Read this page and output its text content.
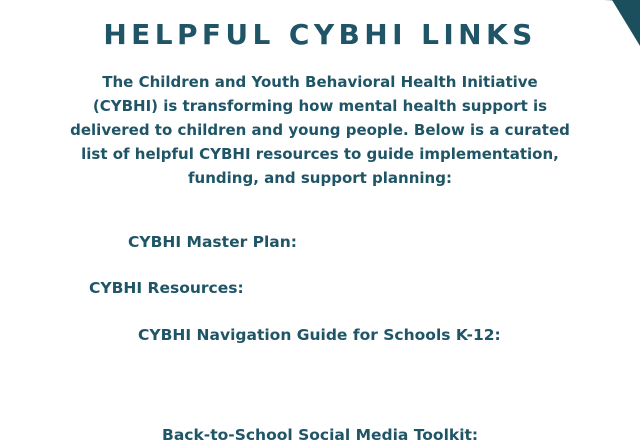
HELPFUL CYBHI LINKS

The Children and Youth Behavioral Health Initiative (CYBHI) is transforming how mental health support is delivered to children and young people. Below is a curated list of helpful CYBHI resources to guide implementation, funding, and support planning:

CYBHI Master Plan:
CYBHI Resources:
CYBHI Navigation Guide for Schools K-12:
Back-to-School Social Media Toolkit:
